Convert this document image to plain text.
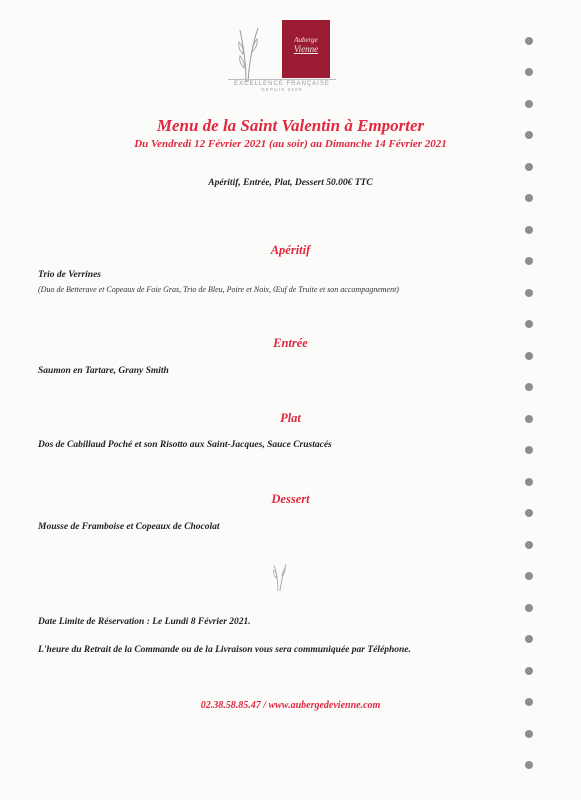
Auberge
Vienne
EXCELLENCE FRANÇAISE
DEPUIS 2000
Menu de la Saint Valentin à Emporter
Du Vendredi 12 Février 2021 (au soir) au Dimanche 14 Février 2021
Apéritif, Entrée, Plat, Dessert 50.00€ TTC
Apéritif
Trio de Verrines
(Duo de Betterave et Copeaux de Foie Gras, Trio de Bleu, Poire et Noix, Œuf de Truite et son accompagnement)
Entrée
Saumon en Tartare, Grany Smith
Plat
Dos de Cabillaud Poché et son Risotto aux Saint-Jacques, Sauce Crustacés
Dessert
Mousse de Framboise et Copeaux de Chocolat
Date Limite de Réservation : Le Lundi 8 Février 2021.
L'heure du Retrait de la Commande ou de la Livraison vous sera communiquée par Téléphone.
02.38.58.85.47 / www.aubergedevienne.com
